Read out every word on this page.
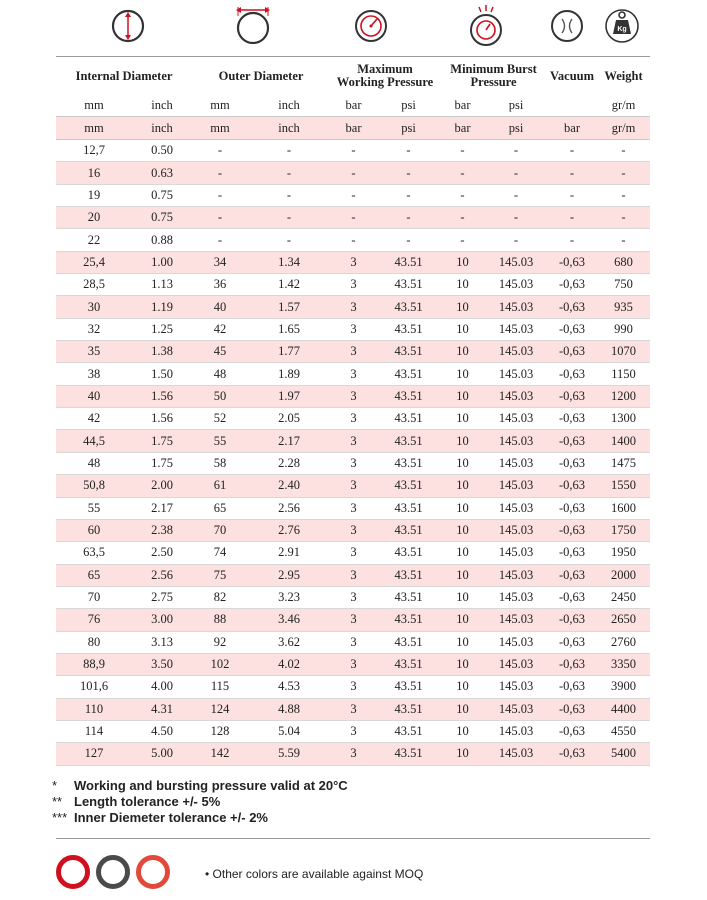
Kg
Internal Diameter		Outer Diameter		Maximum Working Pressure		Minimum Burst Pressure		Vacuum	Weight
mm	inch	mm	inch	bar	psi	bar	psi		gr/m
mm	inch	mm	inch	bar	psi	bar	psi	bar	gr/m
12,7	0.50	-	-	-	-	-	-	-	-
16	0.63	-	-	-	-	-	-	-	-
19	0.75	-	-	-	-	-	-	-	-
20	0.75	-	-	-	-	-	-	-	-
22	0.88	-	-	-	-	-	-	-	-
25,4	1.00	34	1.34	3	43.51	10	145.03	-0,63	680
28,5	1.13	36	1.42	3	43.51	10	145.03	-0,63	750
30	1.19	40	1.57	3	43.51	10	145.03	-0,63	935
32	1.25	42	1.65	3	43.51	10	145.03	-0,63	990
35	1.38	45	1.77	3	43.51	10	145.03	-0,63	1070
38	1.50	48	1.89	3	43.51	10	145.03	-0,63	1150
40	1.56	50	1.97	3	43.51	10	145.03	-0,63	1200
42	1.56	52	2.05	3	43.51	10	145.03	-0,63	1300
44,5	1.75	55	2.17	3	43.51	10	145.03	-0,63	1400
48	1.75	58	2.28	3	43.51	10	145.03	-0,63	1475
50,8	2.00	61	2.40	3	43.51	10	145.03	-0,63	1550
55	2.17	65	2.56	3	43.51	10	145.03	-0,63	1600
60	2.38	70	2.76	3	43.51	10	145.03	-0,63	1750
63,5	2.50	74	2.91	3	43.51	10	145.03	-0,63	1950
65	2.56	75	2.95	3	43.51	10	145.03	-0,63	2000
70	2.75	82	3.23	3	43.51	10	145.03	-0,63	2450
76	3.00	88	3.46	3	43.51	10	145.03	-0,63	2650
80	3.13	92	3.62	3	43.51	10	145.03	-0,63	2760
88,9	3.50	102	4.02	3	43.51	10	145.03	-0,63	3350
101,6	4.00	115	4.53	3	43.51	10	145.03	-0,63	3900
110	4.31	124	4.88	3	43.51	10	145.03	-0,63	4400
114	4.50	128	5.04	3	43.51	10	145.03	-0,63	4550
127	5.00	142	5.59	3	43.51	10	145.03	-0,63	5400
* Working and bursting pressure valid at 20°C
** Length tolerance +/- 5%
*** Inner Diemeter tolerance +/- 2%
• Other colors are available against MOQ
